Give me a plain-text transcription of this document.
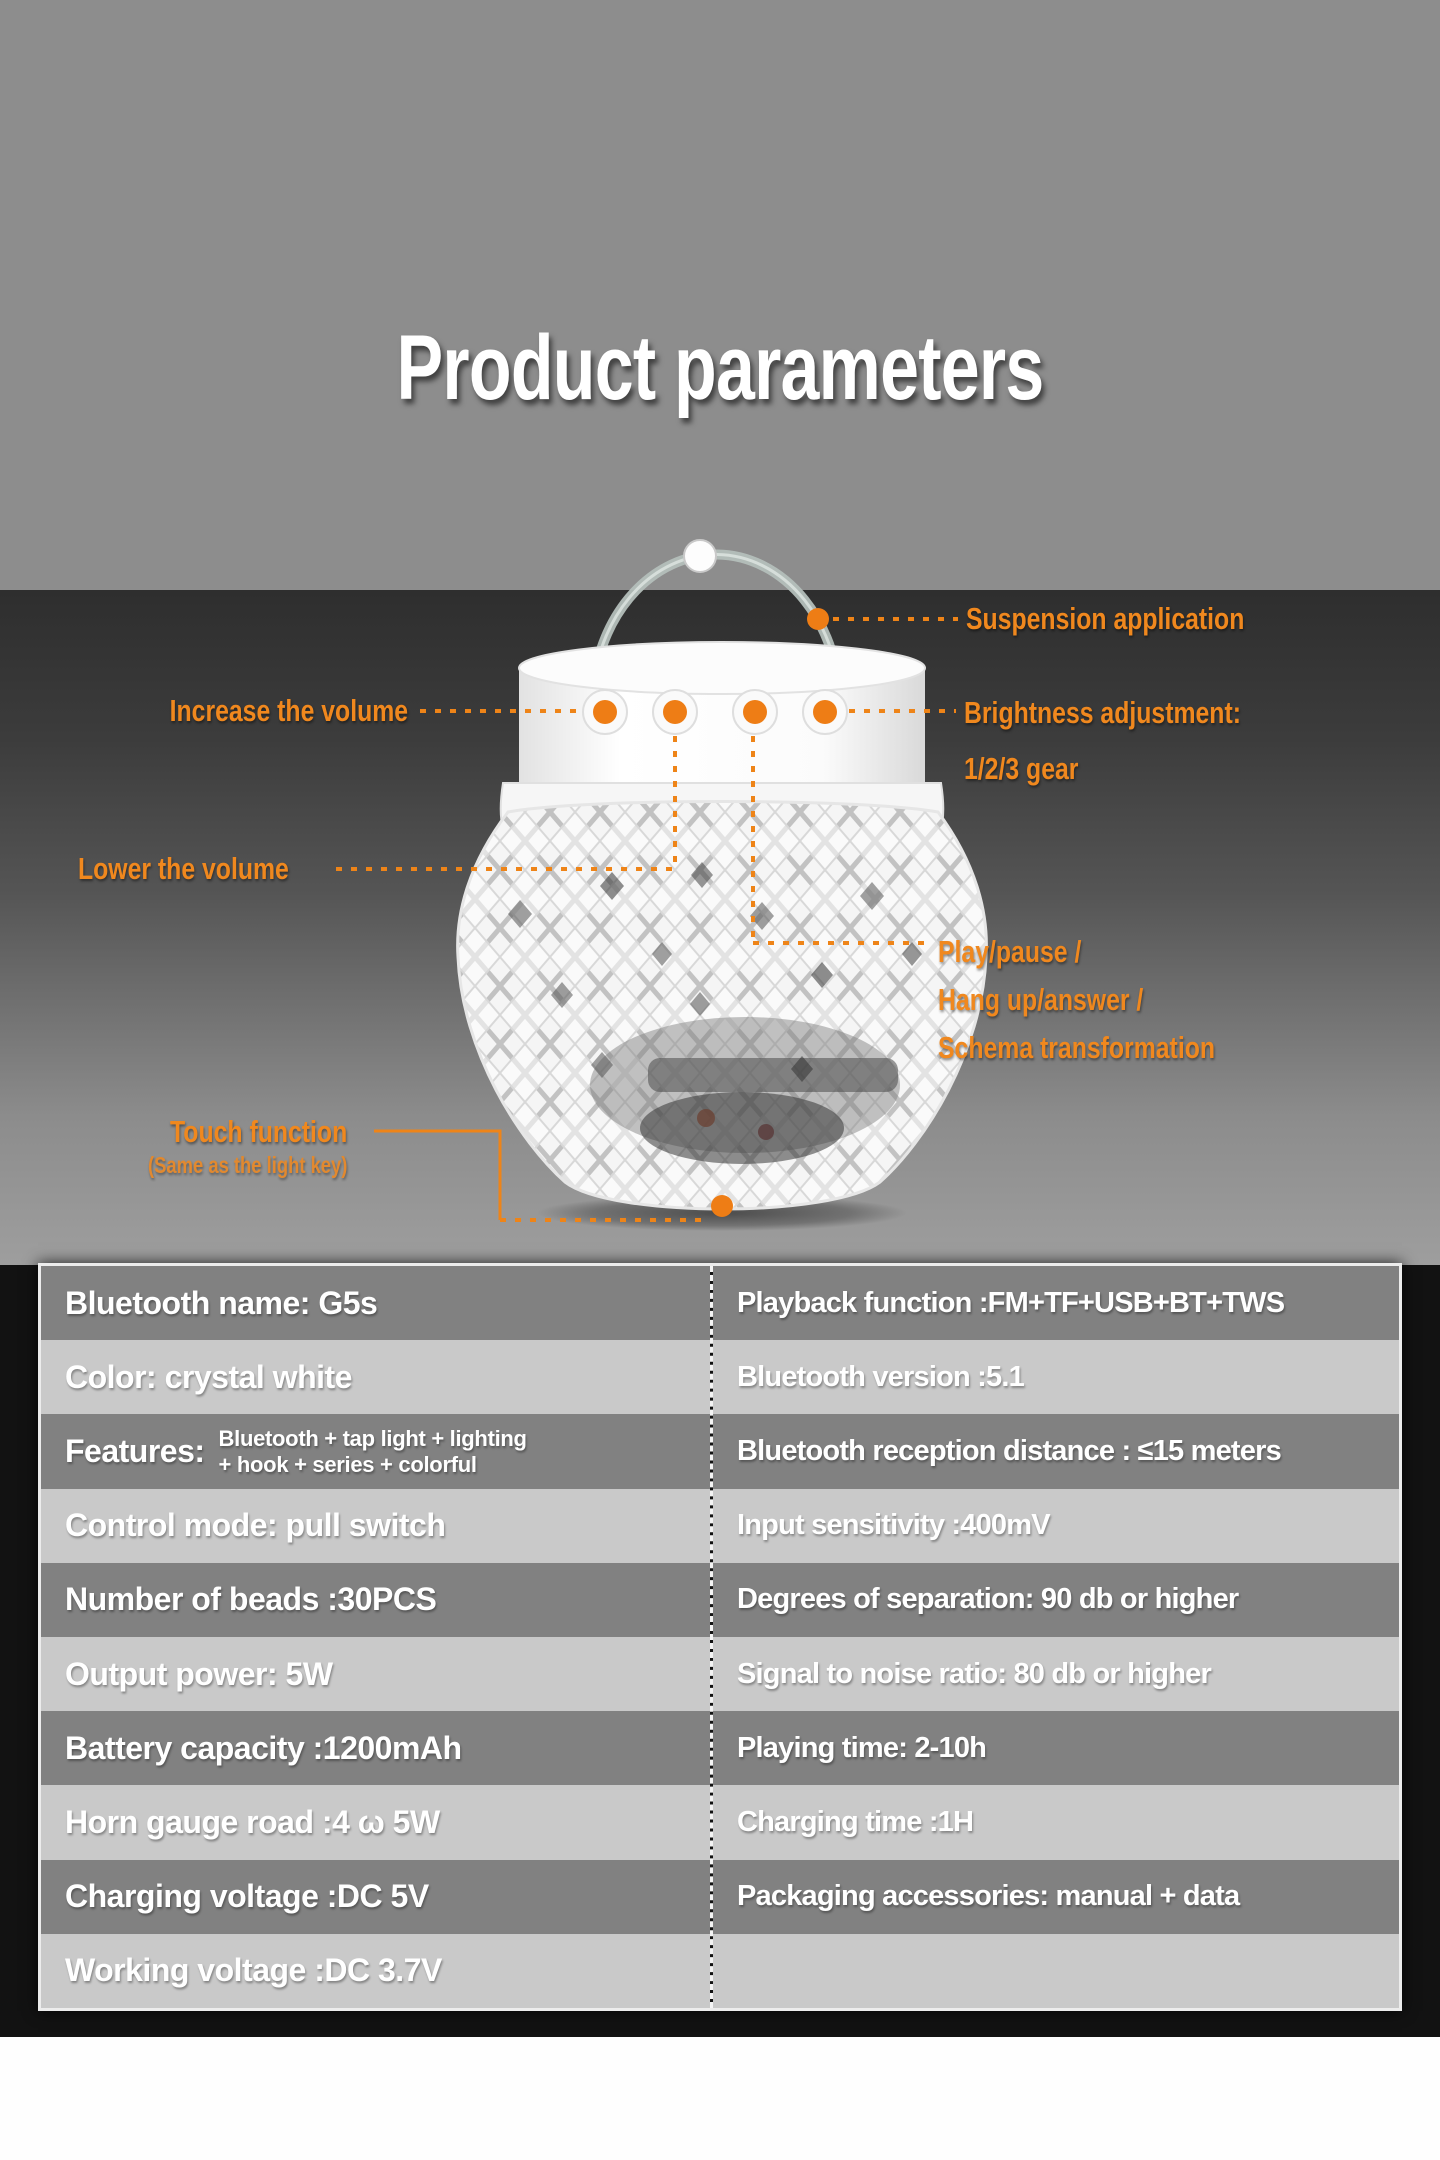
Product parameters
Increase the volume
Suspension application
Brightness adjustment:
1/2/3 gear
Lower the volume
Play/pause /
Hang up/answer /
Schema transformation
Touch function
(Same as the light key)
Bluetooth name: G5s
Color: crystal white
Features: Bluetooth + tap light + lighting
+ hook + series + colorful
Control mode: pull switch
Number of beads :30PCS
Output power: 5W
Battery capacity :1200mAh
Horn gauge road :4 ω 5W
Charging voltage :DC 5V
Working voltage :DC 3.7V
Playback function :FM+TF+USB+BT+TWS
Bluetooth version :5.1
Bluetooth reception distance : ≤15 meters
Input sensitivity :400mV
Degrees of separation: 90 db or higher
Signal to noise ratio: 80 db or higher
Playing time: 2-10h
Charging time :1H
Packaging accessories: manual + data
